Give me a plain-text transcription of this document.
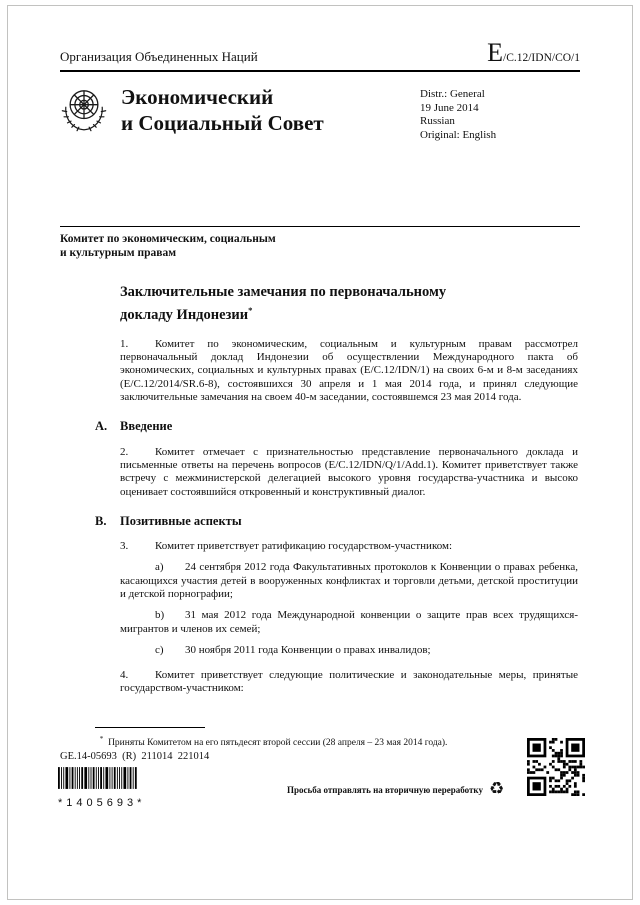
Организация Объединенных Наций	E/C.12/IDN/CO/1
Экономический
и Социальный Совет
Distr.: General
19 June 2014
Russian
Original: English
Комитет по экономическим, социальным
и культурным правам
Заключительные замечания по первоначальному
докладу Индонезии*
1. Комитет по экономическим, социальным и культурным правам рассмотрел первоначальный доклад Индонезии об осуществлении Международного пакта об экономических, социальных и культурных правах (E/C.12/IDN/1) на своих 6-м и 8-м заседаниях (E/C.12/2014/SR.6-8), состоявшихся 30 апреля и 1 мая 2014 года, и принял следующие заключительные замечания на своем 40-м заседании, состоявшемся 23 мая 2014 года.
A.	Введение
2. Комитет отмечает с признательностью представление первоначального доклада и письменные ответы на перечень вопросов (E/C.12/IDN/Q/1/Add.1). Комитет приветствует также встречу с межминистерской делегацией высокого уровня государства-участника и высоко оценивает состоявшийся откровенный и конструктивный диалог.
B.	Позитивные аспекты
3. Комитет приветствует ратификацию государством-участником:
a) 24 сентября 2012 года Факультативных протоколов к Конвенции о правах ребенка, касающихся участия детей в вооруженных конфликтах и торговли детьми, детской проституции и детской порнографии;
b) 31 мая 2012 года Международной конвенции о защите прав всех трудящихся-мигрантов и членов их семей;
c) 30 ноября 2011 года Конвенции о правах инвалидов;
4. Комитет приветствует следующие политические и законодательные меры, принятые государством-участником:
* Приняты Комитетом на его пятьдесят второй сессии (28 апреля – 23 мая 2014 года).
GE.14-05693  (R)  211014  221014
*1405693*
Просьба отправлять на вторичную переработку ♻
